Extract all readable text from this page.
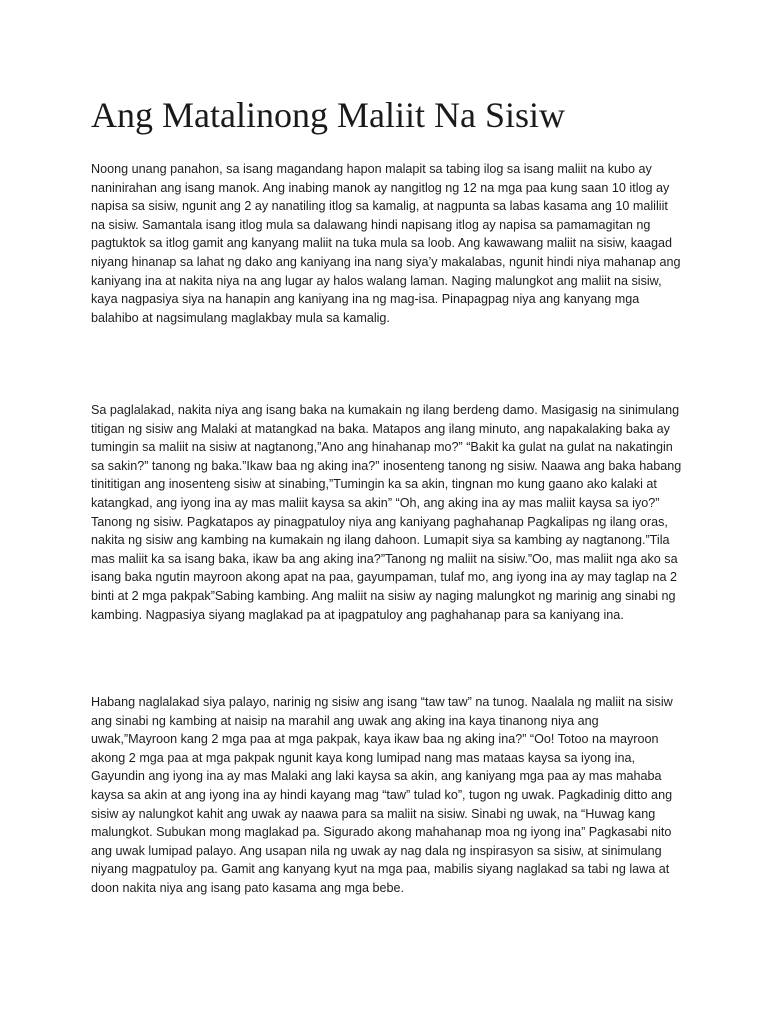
Ang Matalinong Maliit Na Sisiw

Noong unang panahon, sa isang magandang hapon malapit sa tabing ilog sa isang maliit na kubo ay
naninirahan ang isang manok. Ang inabing manok ay nangitlog ng 12 na mga paa kung saan 10 itlog ay
napisa sa sisiw, ngunit ang 2 ay nanatiling itlog sa kamalig, at nagpunta sa labas kasama ang 10 maliliit
na sisiw. Samantala isang itlog mula sa dalawang hindi napisang itlog ay napisa sa pamamagitan ng
pagtuktok sa itlog gamit ang kanyang maliit na tuka mula sa loob. Ang kawawang maliit na sisiw, kaagad
niyang hinanap sa lahat ng dako ang kaniyang ina nang siya’y makalabas, ngunit hindi niya mahanap ang
kaniyang ina at nakita niya na ang lugar ay halos walang laman. Naging malungkot ang maliit na sisiw,
kaya nagpasiya siya na hanapin ang kaniyang ina ng mag-isa. Pinapagpag niya ang kanyang mga
balahibo at nagsimulang maglakbay mula sa kamalig.

Sa paglalakad, nakita niya ang isang baka na kumakain ng ilang berdeng damo. Masigasig na sinimulang
titigan ng sisiw ang Malaki at matangkad na baka. Matapos ang ilang minuto, ang napakalaking baka ay
tumingin sa maliit na sisiw at nagtanong,”Ano ang hinahanap mo?” “Bakit ka gulat na gulat na nakatingin
sa sakin?” tanong ng baka.”Ikaw baa ng aking ina?” inosenteng tanong ng sisiw. Naawa ang baka habang
tinititigan ang inosenteng sisiw at sinabing,”Tumingin ka sa akin, tingnan mo kung gaano ako kalaki at
katangkad, ang iyong ina ay mas maliit kaysa sa akin” “Oh, ang aking ina ay mas maliit kaysa sa iyo?”
Tanong ng sisiw. Pagkatapos ay pinagpatuloy niya ang kaniyang paghahanap Pagkalipas ng ilang oras,
nakita ng sisiw ang kambing na kumakain ng ilang dahoon. Lumapit siya sa kambing ay nagtanong.”Tila
mas maliit ka sa isang baka, ikaw ba ang aking ina?”Tanong ng maliit na sisiw.”Oo, mas maliit nga ako sa
isang baka ngutin mayroon akong apat na paa, gayumpaman, tulaf mo, ang iyong ina ay may taglap na 2
binti at 2 mga pakpak”Sabing kambing. Ang maliit na sisiw ay naging malungkot ng marinig ang sinabi ng
kambing. Nagpasiya siyang maglakad pa at ipagpatuloy ang paghahanap para sa kaniyang ina.

Habang naglalakad siya palayo, narinig ng sisiw ang isang “taw taw” na tunog. Naalala ng maliit na sisiw
ang sinabi ng kambing at naisip na marahil ang uwak ang aking ina kaya tinanong niya ang
uwak,”Mayroon kang 2 mga paa at mga pakpak, kaya ikaw baa ng aking ina?” “Oo! Totoo na mayroon
akong 2 mga paa at mga pakpak ngunit kaya kong lumipad nang mas mataas kaysa sa iyong ina,
Gayundin ang iyong ina ay mas Malaki ang laki kaysa sa akin, ang kaniyang mga paa ay mas mahaba
kaysa sa akin at ang iyong ina ay hindi kayang mag “taw” tulad ko”, tugon ng uwak. Pagkadinig ditto ang
sisiw ay nalungkot kahit ang uwak ay naawa para sa maliit na sisiw. Sinabi ng uwak, na “Huwag kang
malungkot. Subukan mong maglakad pa. Sigurado akong mahahanap moa ng iyong ina” Pagkasabi nito
ang uwak lumipad palayo. Ang usapan nila ng uwak ay nag dala ng inspirasyon sa sisiw, at sinimulang
niyang magpatuloy pa. Gamit ang kanyang kyut na mga paa, mabilis siyang naglakad sa tabi ng lawa at
doon nakita niya ang isang pato kasama ang mga bebe.
